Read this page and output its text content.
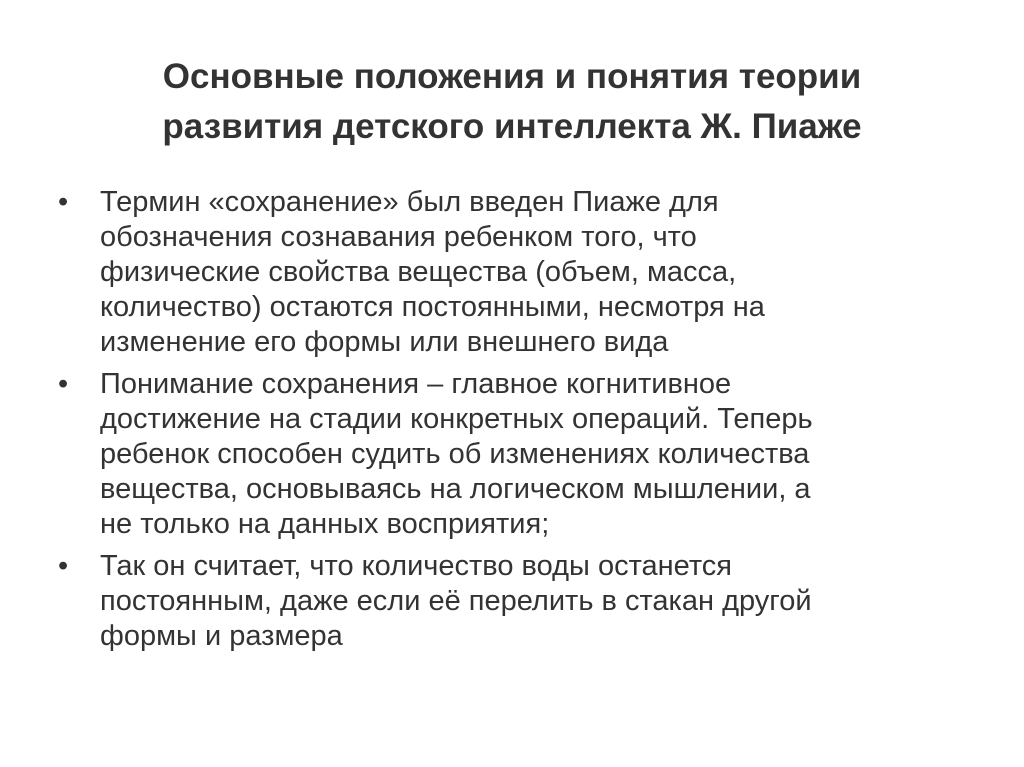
Основные положения и понятия теории
развития детского интеллекта Ж. Пиаже
•	Термин «сохранение» был введен Пиаже для
обозначения сознавания ребенком того, что
физические свойства вещества (объем, масса,
количество) остаются постоянными, несмотря на
изменение его формы или внешнего вида
•	Понимание сохранения – главное когнитивное
достижение на стадии конкретных операций. Теперь
ребенок способен судить об изменениях количества
вещества, основываясь на логическом мышлении, а
не только на данных восприятия;
•	Так он считает, что количество воды останется
постоянным, даже если её перелить в стакан другой
формы и размера
